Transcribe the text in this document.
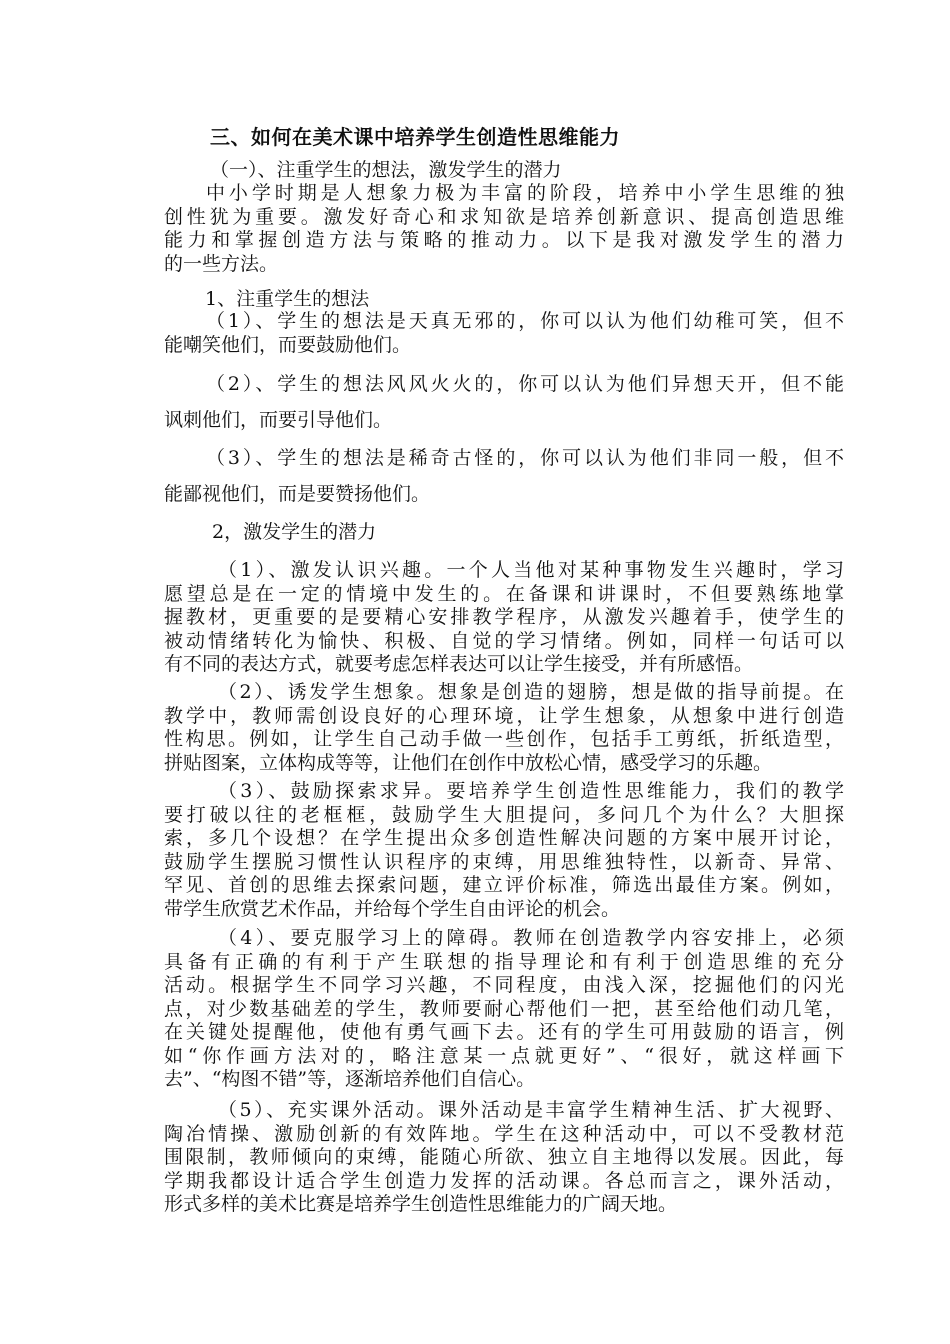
三、如何在美术课中培养学生创造性思维能力
（一）、注重学生的想法，激发学生的潜力
中小学时期是人想象力极为丰富的阶段，培养中小学生思维的独
创性犹为重要。激发好奇心和求知欲是培养创新意识、提高创造思维
能力和掌握创造方法与策略的推动力。以下是我对激发学生的潜力
的一些方法。
1、注重学生的想法
（1）、学生的想法是天真无邪的，你可以认为他们幼稚可笑，但不
能嘲笑他们，而要鼓励他们。
（2）、学生的想法风风火火的，你可以认为他们异想天开，但不能
讽刺他们，而要引导他们。
（3）、学生的想法是稀奇古怪的，你可以认为他们非同一般，但不
能鄙视他们，而是要赞扬他们。
2，激发学生的潜力
（1）、激发认识兴趣。一个人当他对某种事物发生兴趣时，学习
愿望总是在一定的情境中发生的。在备课和讲课时，不但要熟练地掌
握教材，更重要的是要精心安排教学程序，从激发兴趣着手，使学生的
被动情绪转化为愉快、积极、自觉的学习情绪。例如，同样一句话可以
有不同的表达方式，就要考虑怎样表达可以让学生接受，并有所感悟。
（2）、诱发学生想象。想象是创造的翅膀，想是做的指导前提。在
教学中，教师需创设良好的心理环境，让学生想象，从想象中进行创造
性构思。例如，让学生自己动手做一些创作，包括手工剪纸，折纸造型，
拼贴图案，立体构成等等，让他们在创作中放松心情，感受学习的乐趣。
（3）、鼓励探索求异。要培养学生创造性思维能力，我们的教学
要打破以往的老框框，鼓励学生大胆提问，多问几个为什么？大胆探
索，多几个设想？在学生提出众多创造性解决问题的方案中展开讨论，
鼓励学生摆脱习惯性认识程序的束缚，用思维独特性，以新奇、异常、
罕见、首创的思维去探索问题，建立评价标准，筛选出最佳方案。例如，
带学生欣赏艺术作品，并给每个学生自由评论的机会。
（4）、要克服学习上的障碍。教师在创造教学内容安排上，必须
具备有正确的有利于产生联想的指导理论和有利于创造思维的充分
活动。根据学生不同学习兴趣，不同程度，由浅入深，挖掘他们的闪光
点，对少数基础差的学生，教师要耐心帮他们一把，甚至给他们动几笔，
在关键处提醒他，使他有勇气画下去。还有的学生可用鼓励的语言，例
如“你作画方法对的，略注意某一点就更好”、“很好，就这样画下
去”、“构图不错”等，逐渐培养他们自信心。
（5）、充实课外活动。课外活动是丰富学生精神生活、扩大视野、
陶冶情操、激励创新的有效阵地。学生在这种活动中，可以不受教材范
围限制，教师倾向的束缚，能随心所欲、独立自主地得以发展。因此，每
学期我都设计适合学生创造力发挥的活动课。各总而言之，课外活动，
形式多样的美术比赛是培养学生创造性思维能力的广阔天地。
